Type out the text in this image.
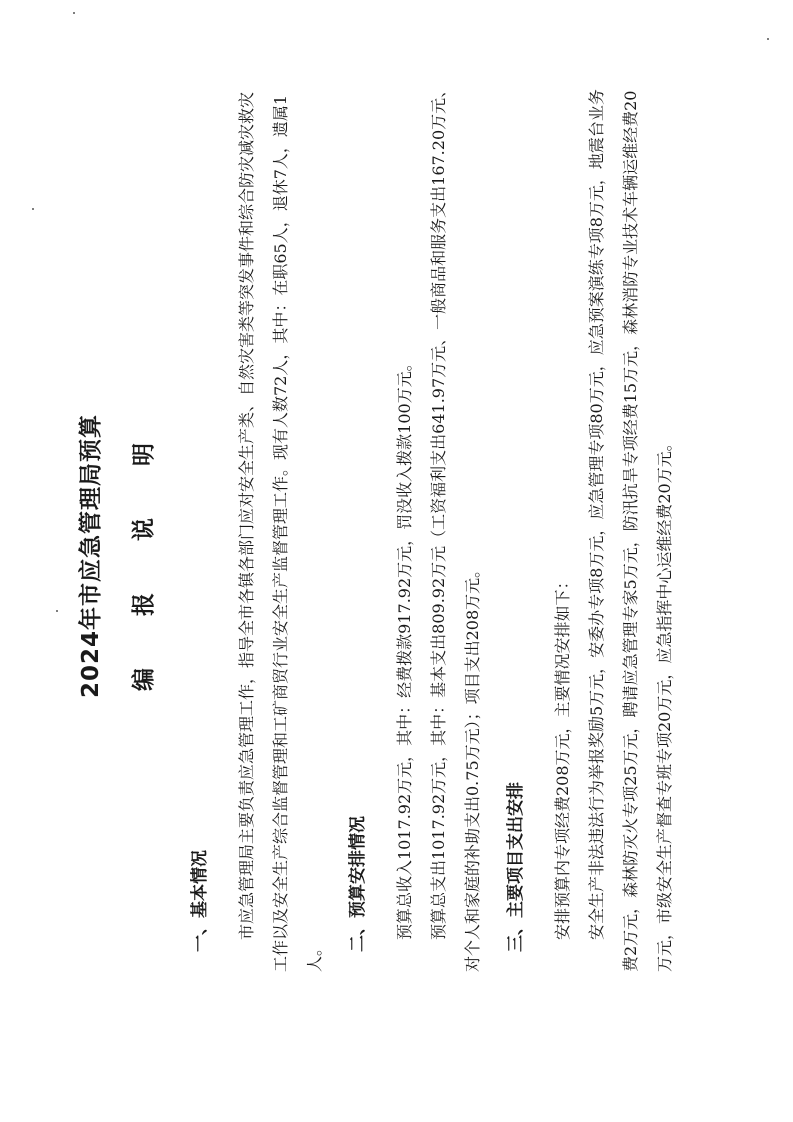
2024年市应急管理局预算 编 报 说 明
一、基本情况	市应急管理局主要负责应急管理工作，指导全市各镇各部门应对安全生产类、自然灾害类等突发事件和综合防灾减灾救灾工作以及安全生产综合监督管理和工矿商贸行业安全生产监督管理工作。现有人数72人，其中：在职65人，退休7人，遗属1人。

二、预算安排情况	预算总收入1017.92万元，其中：经费拨款917.92万元，罚没收入拨款100万元。 预算总支出1017.92万元，其中：基本支出809.92万元（工资福利支出641.97万元、一般商品和服务支出167.20万元、对个人和家庭的补助支出0.75万元）；项目支出208万元。	三、主要项目支出安排	安排预算内专项经费208万元，主要情况安排如下： 安全生产非法违法行为举报奖励5万元，安委办专项8万元，应急管理专项80万元，应急预案演练专项8万元，地震台业务费2万元，森林防灭火专项25万元，聘请应急管理专家5万元，防汛抗旱专项经费15万元，森林消防专业技术车辆运维经费20万元，市级安全生产督查专班专项20万元，应急指挥中心运维经费20万元。
